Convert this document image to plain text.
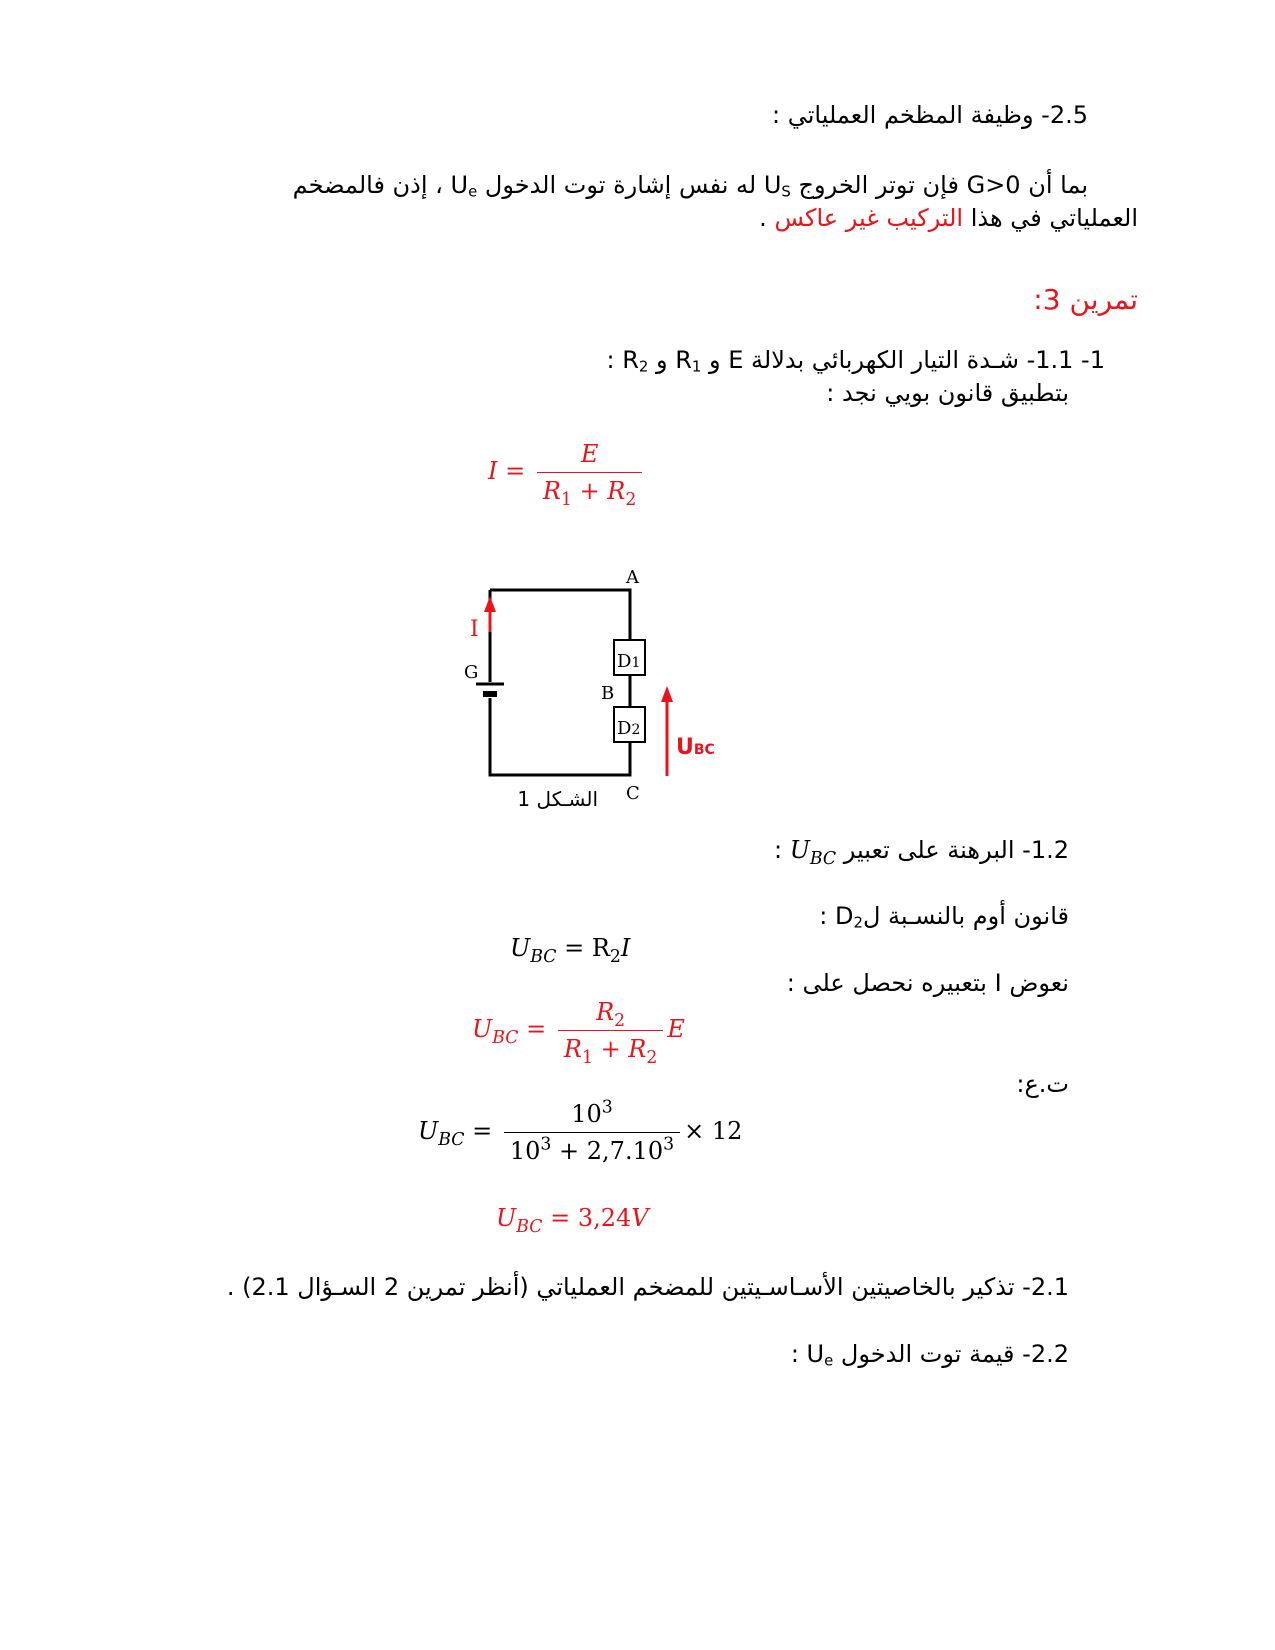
2.5- وظيفة المظخم العملياتي :
بما أن G>0 فإن توتر الخروج US له نفس إشارة توت الدخول Ue ، إذن فالمضخم
العملياتي في هذا التركيب غير عاكس .
تمرين 3:
1- 1.1- شـدة التيار الكهربائي بدلالة E و R1 و R2 :
بتطبيق قانون بويي نجد :
$I = \frac{E}{R_1 + R_2}$
A
B
C
G
D1
D2
I
UBC
الشـكل 1
1.2- البرهنة على تعبير $U_{BC}$ :
قانون أوم بالنسـبة لD2 :
$U_{BC} = R_2I$
نعوض I بتعبيره نحصل على :
$U_{BC} = \frac{R_2}{R_1 + R_2}$ E
ت.ع:
$U_{BC} = \frac{10^3}{10^3 + 2,7.10^3} \times 12$
$U_{BC} = 3,24V$
2.1- تذكير بالخاصيتين الأسـاسـيتين للمضخم العملياتي (أنظر تمرين 2 السـؤال 2.1) .
2.2- قيمة توت الدخول Ue :
